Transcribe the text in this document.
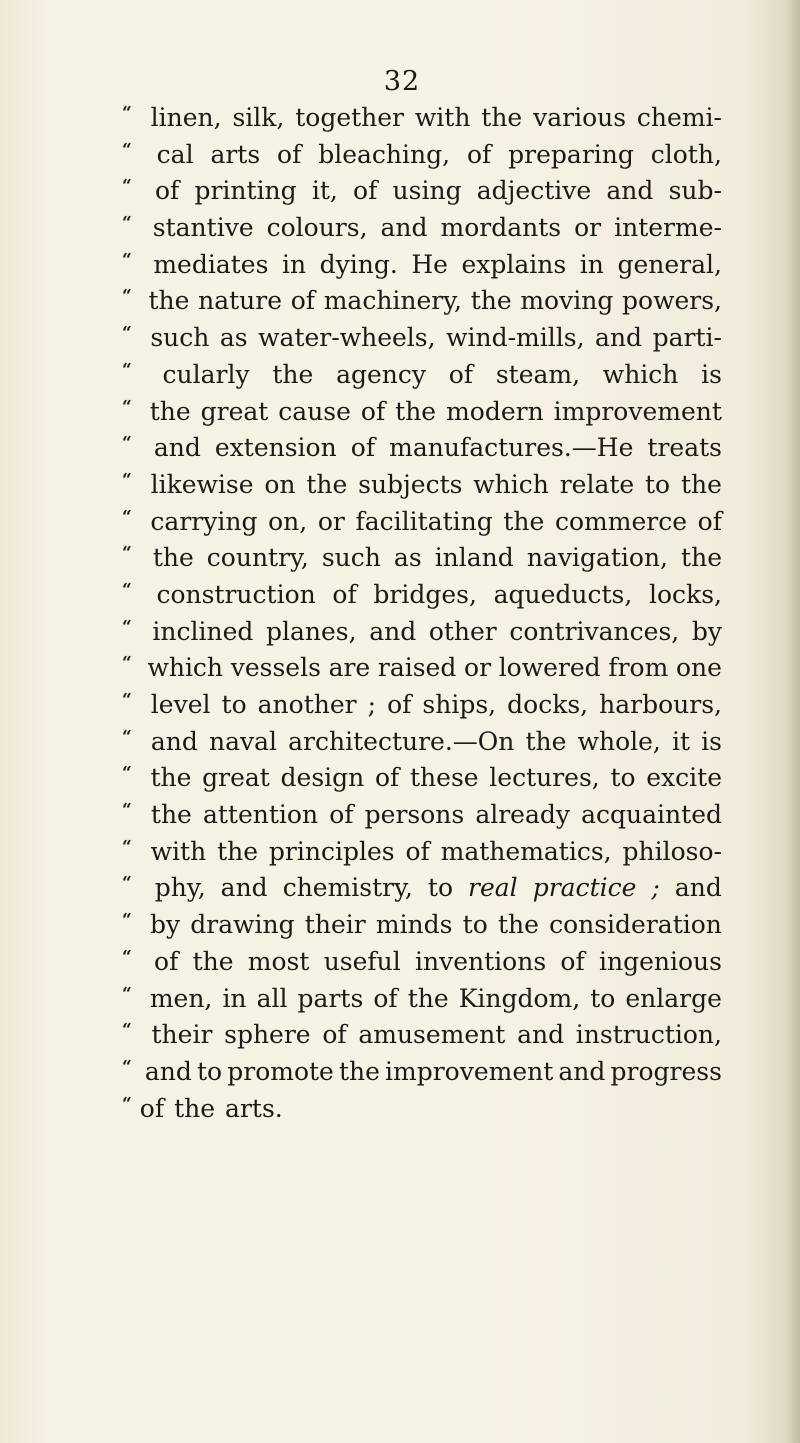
32
“ linen, silk, together with the various chemi-
“ cal arts of bleaching, of preparing cloth,
“ of printing it, of using adjective and sub-
“ stantive colours, and mordants or interme-
“ mediates in dying. He explains in general,
“ the nature of machinery, the moving powers,
“ such as water-wheels, wind-mills, and parti-
“ cularly the agency of steam, which is
“ the great cause of the modern improvement
“ and extension of manufactures.—He treats
“ likewise on the subjects which relate to the
“ carrying on, or facilitating the commerce of
“ the country, such as inland navigation, the
“ construction of bridges, aqueducts, locks,
“ inclined planes, and other contrivances, by
“ which vessels are raised or lowered from one
“ level to another ; of ships, docks, harbours,
“ and naval architecture.—On the whole, it is
“ the great design of these lectures, to excite
“ the attention of persons already acquainted
“ with the principles of mathematics, philoso-
“ phy, and chemistry, to real practice ; and
“ by drawing their minds to the consideration
“ of the most useful inventions of ingenious
“ men, in all parts of the Kingdom, to enlarge
“ their sphere of amusement and instruction,
“ and to promote the improvement and progress
“ of the arts.
